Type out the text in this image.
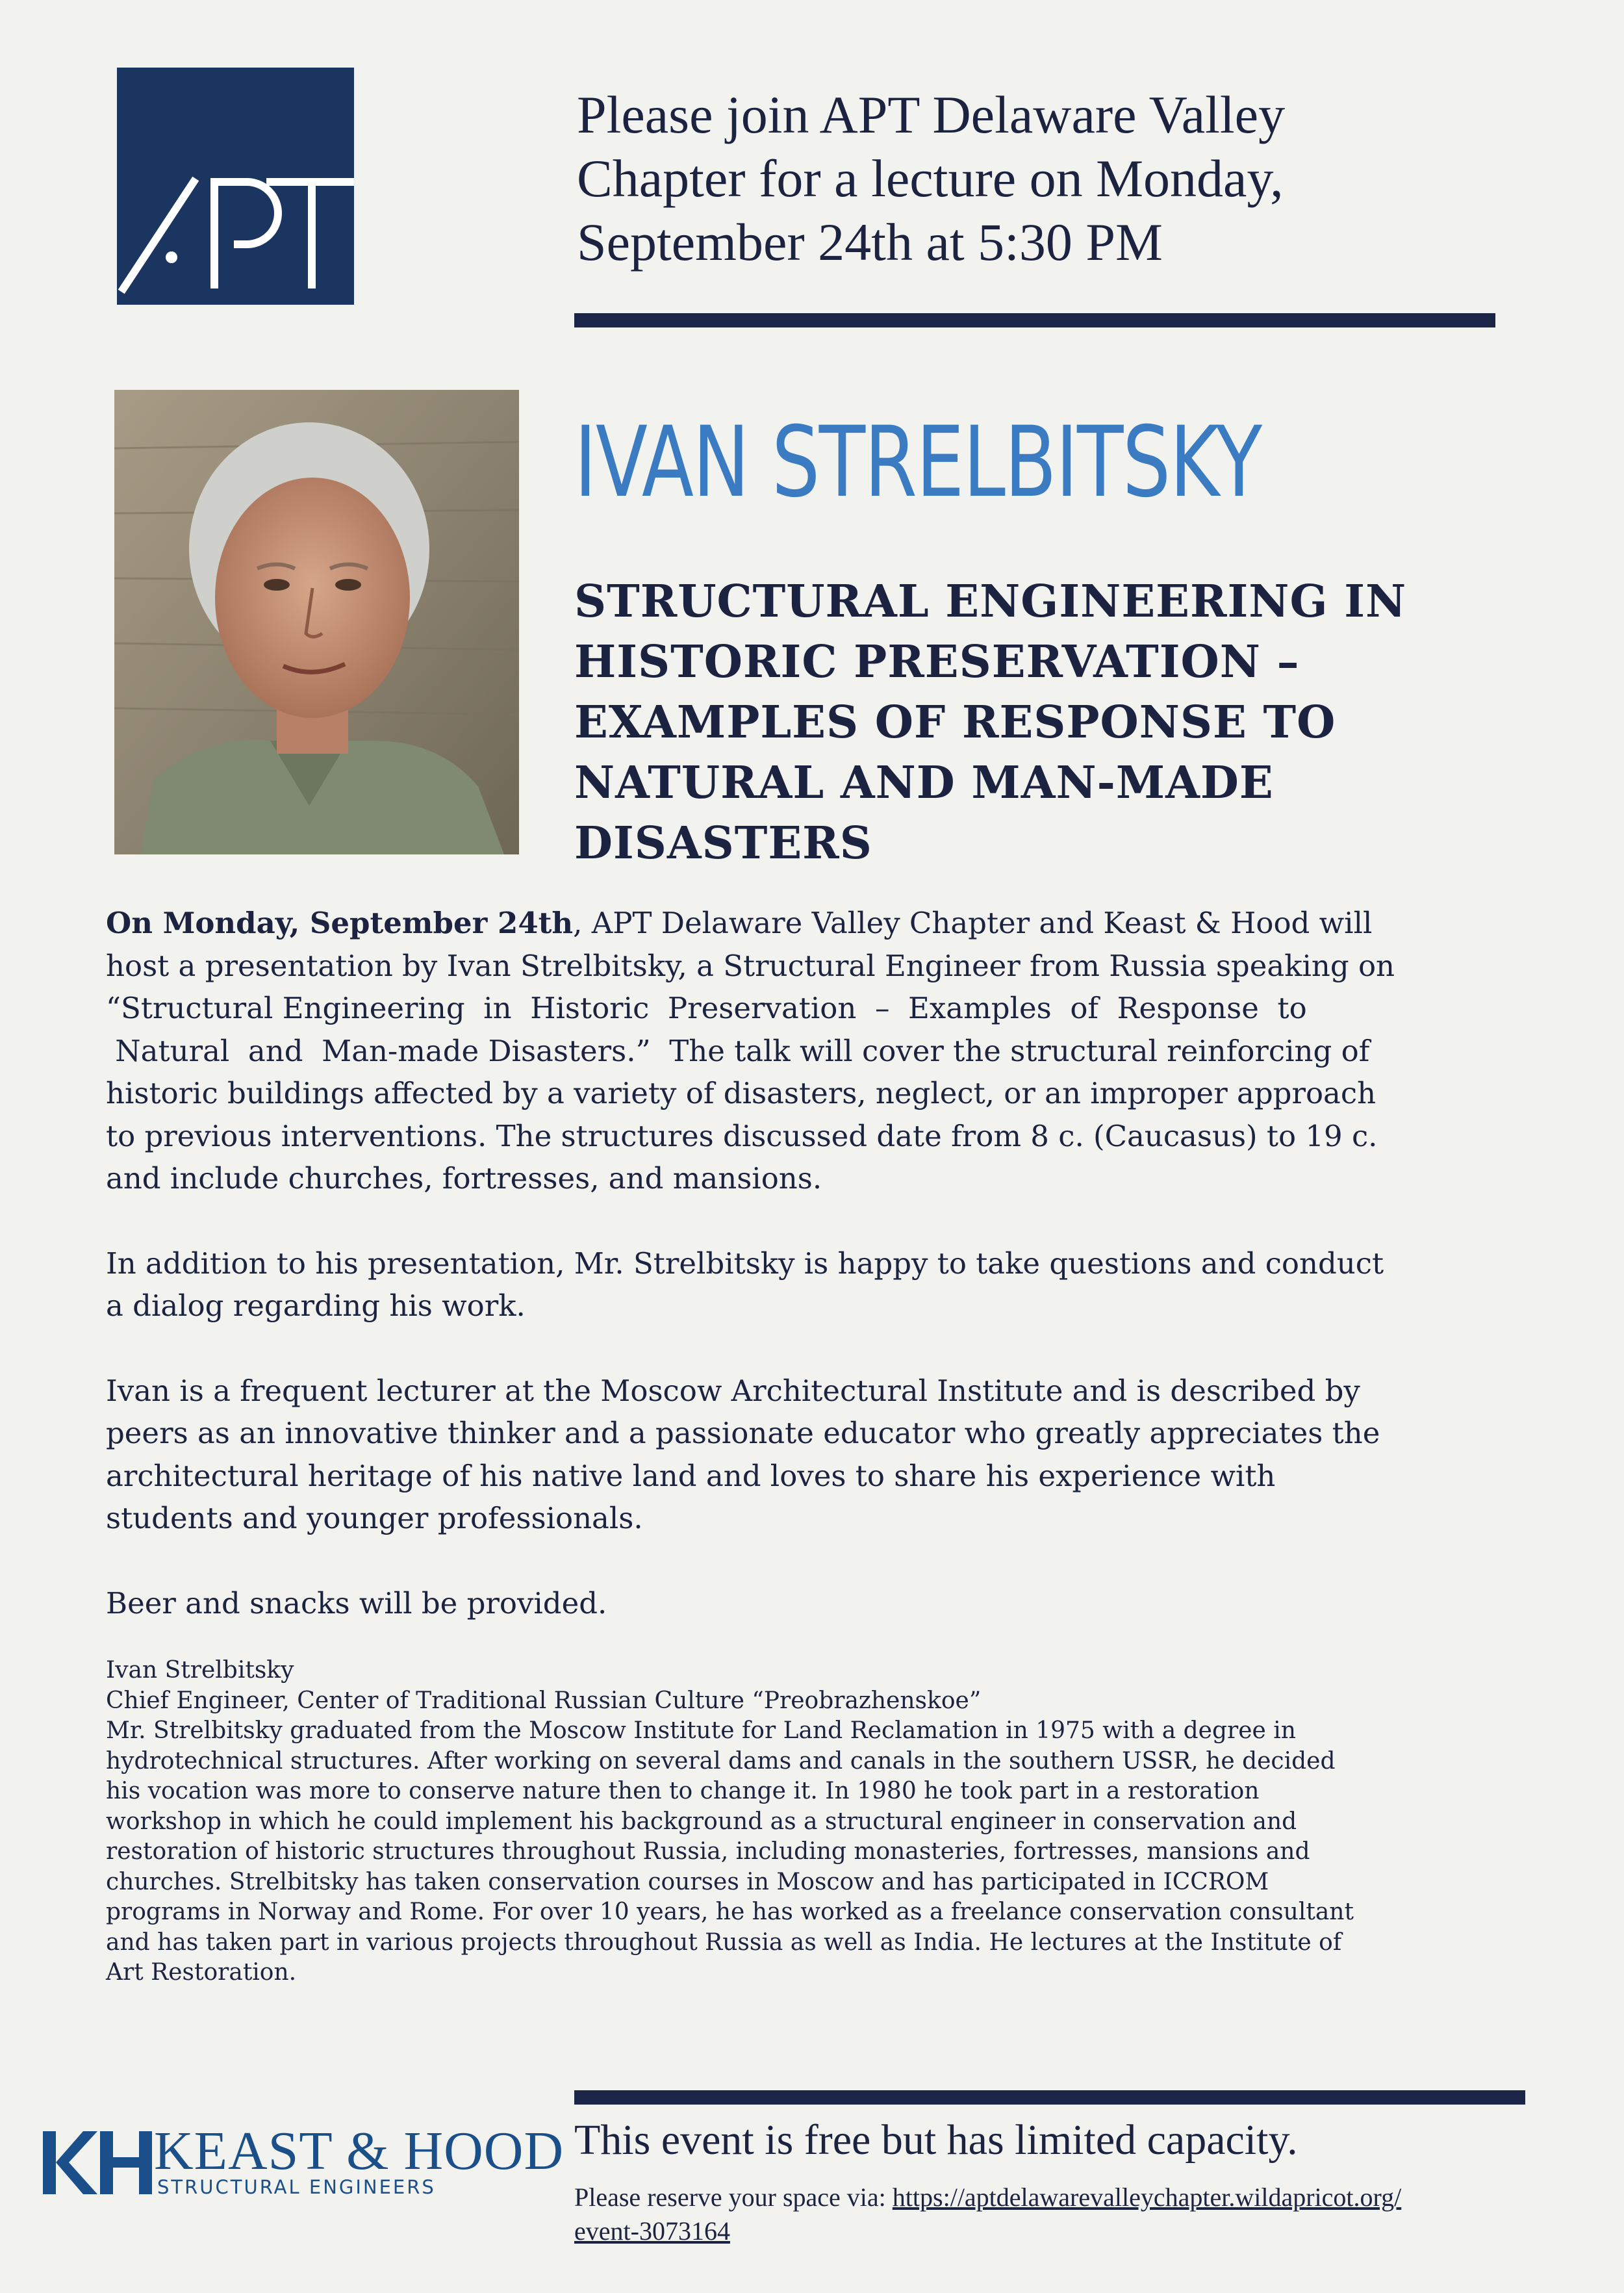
Please join APT Delaware Valley
Chapter for a lecture on Monday,
September 24th at 5:30 PM
IVAN STRELBITSKY
STRUCTURAL ENGINEERING IN
HISTORIC PRESERVATION –
EXAMPLES OF RESPONSE TO
NATURAL AND MAN-MADE
DISASTERS

On Monday, September 24th, APT Delaware Valley Chapter and Keast & Hood will
host a presentation by Ivan Strelbitsky, a Structural Engineer from Russia speaking on
“Structural Engineering  in  Historic  Preservation  –  Examples  of  Response  to
Natural  and  Man-made Disasters.”  The talk will cover the structural reinforcing of
historic buildings affected by a variety of disasters, neglect, or an improper approach
to previous interventions. The structures discussed date from 8 c. (Caucasus) to 19 c.
and include churches, fortresses, and mansions.

In addition to his presentation, Mr. Strelbitsky is happy to take questions and conduct
a dialog regarding his work.

Ivan is a frequent lecturer at the Moscow Architectural Institute and is described by
peers as an innovative thinker and a passionate educator who greatly appreciates the
architectural heritage of his native land and loves to share his experience with
students and younger professionals.

Beer and snacks will be provided.

Ivan Strelbitsky
Chief Engineer, Center of Traditional Russian Culture “Preobrazhenskoe”
Mr. Strelbitsky graduated from the Moscow Institute for Land Reclamation in 1975 with a degree in
hydrotechnical structures. After working on several dams and canals in the southern USSR, he decided
his vocation was more to conserve nature then to change it. In 1980 he took part in a restoration
workshop in which he could implement his background as a structural engineer in conservation and
restoration of historic structures throughout Russia, including monasteries, fortresses, mansions and
churches. Strelbitsky has taken conservation courses in Moscow and has participated in ICCROM
programs in Norway and Rome. For over 10 years, he has worked as a freelance conservation consultant
and has taken part in various projects throughout Russia as well as India. He lectures at the Institute of
Art Restoration.
KEAST & HOOD
STRUCTURAL ENGINEERS
This event is free but has limited capacity.
Please reserve your space via: https://aptdelawarevalleychapter.wildapricot.org/
event-3073164
